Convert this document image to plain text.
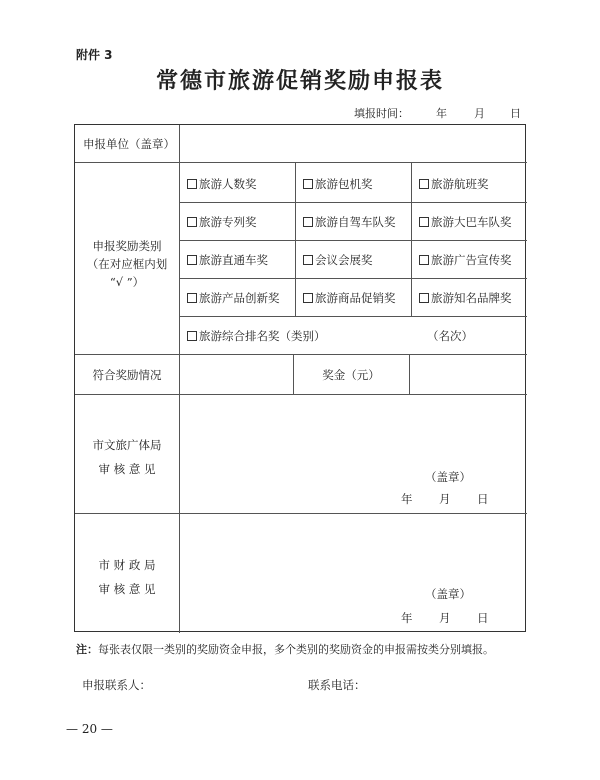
附件 3
常德市旅游促销奖励申报表
填报时间： 年 月 日
申报单位（盖章）
申报奖励类别
（在对应框内划
“√ ”）
旅游人数奖	旅游包机奖	旅游航班奖
旅游专列奖	旅游自驾车队奖	旅游大巴车队奖
旅游直通车奖	会议会展奖	旅游广告宣传奖
旅游产品创新奖	旅游商品促销奖	旅游知名品牌奖
旅游综合排名奖（类别）	（名次）
符合奖励情况	奖金（元）
市文旅广体局
审 核 意 见
（盖章）
年 月 日
市 财 政 局
审 核 意 见	（盖章）
年 月 日
注：每张表仅限一类别的奖励资金申报，多个类别的奖励资金的申报需按类分别填报。
申报联系人：	联系电话：
— 20 —
